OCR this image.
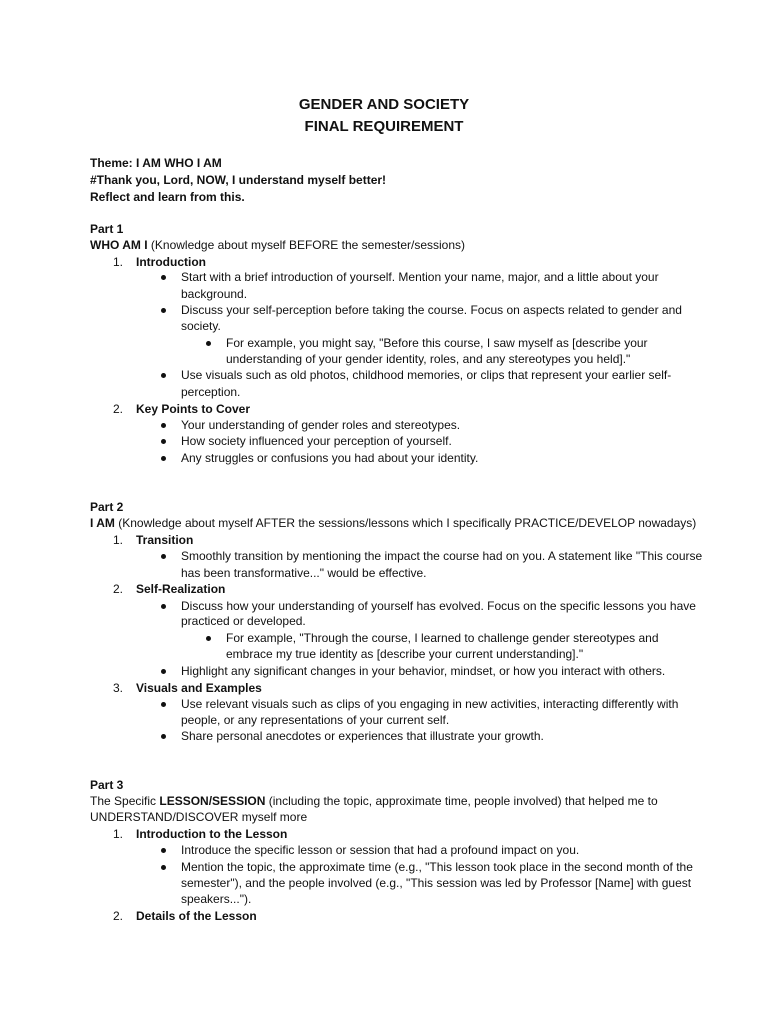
GENDER AND SOCIETY
FINAL REQUIREMENT
Theme: I AM WHO I AM
#Thank you, Lord, NOW, I understand myself better!
Reflect and learn from this.
Part 1
WHO AM I (Knowledge about myself BEFORE the semester/sessions)
1. Introduction
Start with a brief introduction of yourself. Mention your name, major, and a little about your
background.
Discuss your self-perception before taking the course. Focus on aspects related to gender and
society.
For example, you might say, "Before this course, I saw myself as [describe your
understanding of your gender identity, roles, and any stereotypes you held]."
Use visuals such as old photos, childhood memories, or clips that represent your earlier self-
perception.
2. Key Points to Cover
Your understanding of gender roles and stereotypes.
How society influenced your perception of yourself.
Any struggles or confusions you had about your identity.
Part 2
I AM (Knowledge about myself AFTER the sessions/lessons which I specifically PRACTICE/DEVELOP nowadays)
1. Transition
Smoothly transition by mentioning the impact the course had on you. A statement like "This course
has been transformative..." would be effective.
2. Self-Realization
Discuss how your understanding of yourself has evolved. Focus on the specific lessons you have
practiced or developed.
For example, "Through the course, I learned to challenge gender stereotypes and
embrace my true identity as [describe your current understanding]."
Highlight any significant changes in your behavior, mindset, or how you interact with others.
3. Visuals and Examples
Use relevant visuals such as clips of you engaging in new activities, interacting differently with
people, or any representations of your current self.
Share personal anecdotes or experiences that illustrate your growth.
Part 3
The Specific LESSON/SESSION (including the topic, approximate time, people involved) that helped me to
UNDERSTAND/DISCOVER myself more
1. Introduction to the Lesson
Introduce the specific lesson or session that had a profound impact on you.
Mention the topic, the approximate time (e.g., "This lesson took place in the second month of the
semester"), and the people involved (e.g., "This session was led by Professor [Name] with guest
speakers...").
2. Details of the Lesson
